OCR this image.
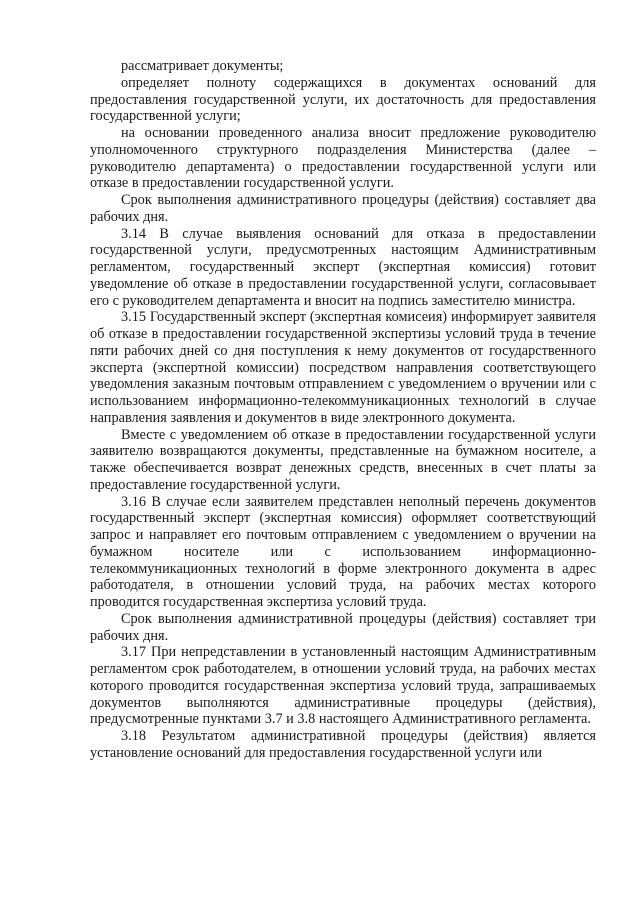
рассматривает документы;

определяет полноту содержащихся в документах оснований для предоставления государственной услуги, их достаточность для предоставления государственной услуги;

на основании проведенного анализа вносит предложение руководителю уполномоченного структурного подразделения Министерства (далее – руководителю департамента) о предоставлении государственной услуги или отказе в предоставлении государственной услуги.

Срок выполнения административного процедуры (действия) составляет два рабочих дня.

3.14 В случае выявления оснований для отказа в предоставлении государственной услуги, предусмотренных настоящим Административным регламентом, государственный эксперт (экспертная комиссия) готовит уведомление об отказе в предоставлении государственной услуги, согласовывает его с руководителем департамента и вносит на подпись заместителю министра.

3.15 Государственный эксперт (экспертная комисеия) информирует заявителя об отказе в предоставлении государственной экспертизы условий труда в течение пяти рабочих дней со дня поступления к нему документов от государственного эксперта (экспертной комиссии) посредством направления соответствующего уведомления заказным почтовым отправлением с уведомлением о вручении или с использованием информационно-телекоммуникационных технологий в случае направления заявления и документов в виде электронного документа.

Вместе с уведомлением об отказе в предоставлении государственной услуги заявителю возвращаются документы, представленные на бумажном носителе, а также обеспечивается возврат денежных средств, внесенных в счет платы за предоставление государственной услуги.

3.16 В случае если заявителем представлен неполный перечень документов государственный эксперт (экспертная комиссия) оформляет соответствующий запрос и направляет его почтовым отправлением с уведомлением о вручении на бумажном носителе или с использованием информационно-телекоммуникационных технологий в форме электронного документа в адрес работодателя, в отношении условий труда, на рабочих местах которого проводится государственная экспертиза условий труда.

Срок выполнения административной процедуры (действия) составляет три рабочих дня.

3.17 При непредставлении в установленный настоящим Административным регламентом срок работодателем, в отношении условий труда, на рабочих местах которого проводится государственная экспертиза условий труда, запрашиваемых документов выполняются административные процедуры (действия), предусмотренные пунктами 3.7 и 3.8 настоящего Административного регламента.

3.18 Результатом административной процедуры (действия) является установление оснований для предоставления государственной услуги или
